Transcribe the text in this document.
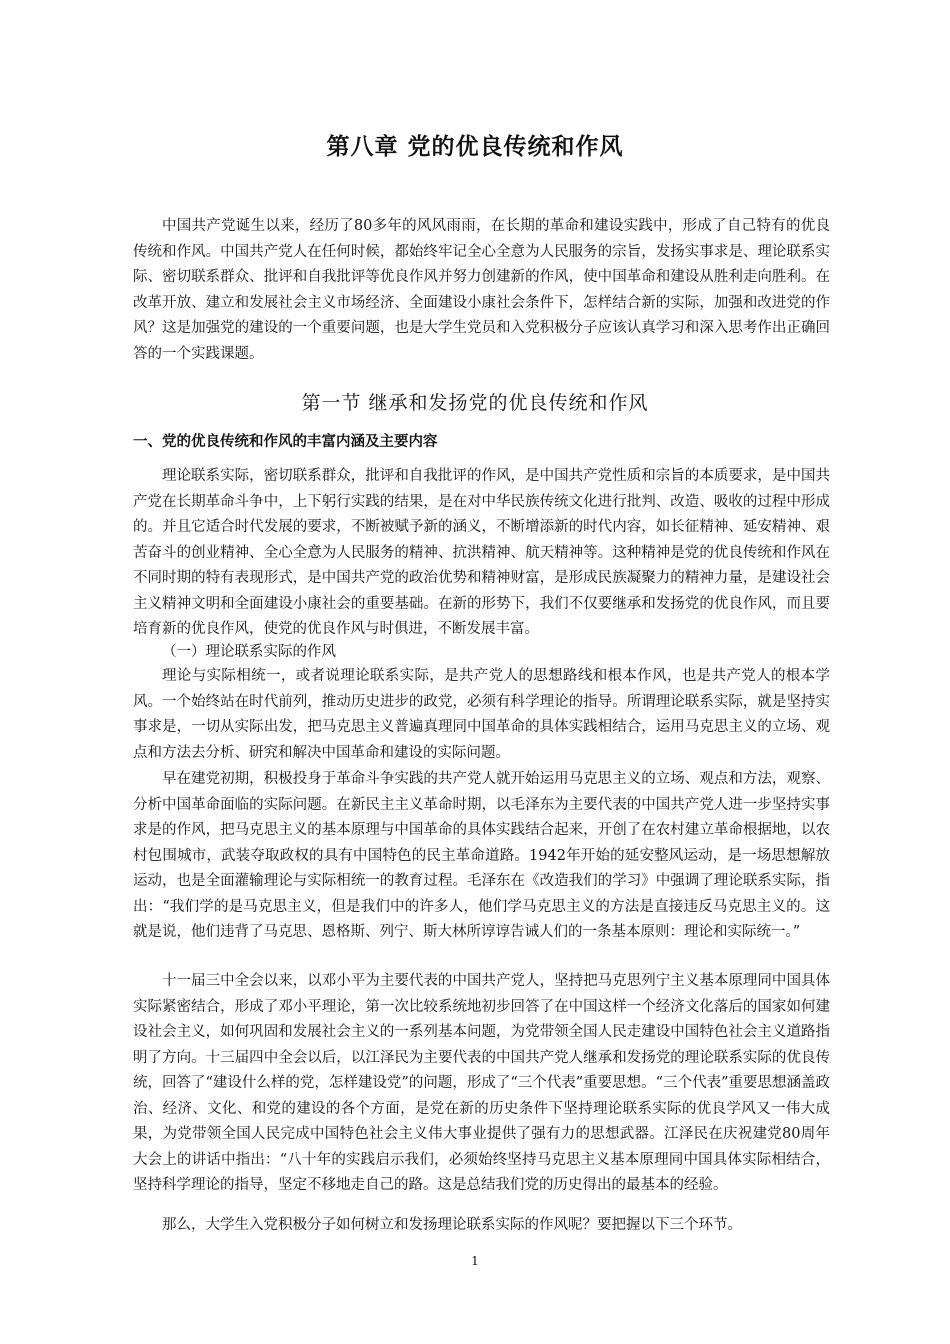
第八章 党的优良传统和作风

中国共产党诞生以来，经历了80多年的风风雨雨，在长期的革命和建设实践中，形成了自己特有的优良传统和作风。中国共产党人在任何时候，都始终牢记全心全意为人民服务的宗旨，发扬实事求是、理论联系实际、密切联系群众、批评和自我批评等优良作风并努力创建新的作风，使中国革命和建设从胜利走向胜利。在改革开放、建立和发展社会主义市场经济、全面建设小康社会条件下，怎样结合新的实际，加强和改进党的作风？这是加强党的建设的一个重要问题，也是大学生党员和入党积极分子应该认真学习和深入思考作出正确回答的一个实践课题。

第一节 继承和发扬党的优良传统和作风
一、党的优良传统和作风的丰富内涵及主要内容

理论联系实际，密切联系群众，批评和自我批评的作风，是中国共产党性质和宗旨的本质要求，是中国共产党在长期革命斗争中，上下躬行实践的结果，是在对中华民族传统文化进行批判、改造、吸收的过程中形成的。并且它适合时代发展的要求，不断被赋予新的涵义，不断增添新的时代内容，如长征精神、延安精神、艰苦奋斗的创业精神、全心全意为人民服务的精神、抗洪精神、航天精神等。这种精神是党的优良传统和作风在不同时期的特有表现形式，是中国共产党的政治优势和精神财富，是形成民族凝聚力的精神力量，是建设社会主义精神文明和全面建设小康社会的重要基础。在新的形势下，我们不仅要继承和发扬党的优良作风，而且要培育新的优良作风，使党的优良作风与时俱进，不断发展丰富。

（一）理论联系实际的作风

理论与实际相统一，或者说理论联系实际，是共产党人的思想路线和根本作风，也是共产党人的根本学风。一个始终站在时代前列，推动历史进步的政党，必须有科学理论的指导。所谓理论联系实际，就是坚持实事求是，一切从实际出发，把马克思主义普遍真理同中国革命的具体实践相结合，运用马克思主义的立场、观点和方法去分析、研究和解决中国革命和建设的实际问题。

早在建党初期，积极投身于革命斗争实践的共产党人就开始运用马克思主义的立场、观点和方法，观察、分析中国革命面临的实际问题。在新民主主义革命时期，以毛泽东为主要代表的中国共产党人进一步坚持实事求是的作风，把马克思主义的基本原理与中国革命的具体实践结合起来，开创了在农村建立革命根据地，以农村包围城市，武装夺取政权的具有中国特色的民主革命道路。1942年开始的延安整风运动，是一场思想解放运动，也是全面灌输理论与实际相统一的教育过程。毛泽东在《改造我们的学习》中强调了理论联系实际，指出：“我们学的是马克思主义，但是我们中的许多人，他们学马克思主义的方法是直接违反马克思主义的。这就是说，他们违背了马克思、恩格斯、列宁、斯大林所谆谆告诫人们的一条基本原则：理论和实际统一。”

十一届三中全会以来，以邓小平为主要代表的中国共产党人，坚持把马克思列宁主义基本原理同中国具体实际紧密结合，形成了邓小平理论，第一次比较系统地初步回答了在中国这样一个经济文化落后的国家如何建设社会主义，如何巩固和发展社会主义的一系列基本问题，为党带领全国人民走建设中国特色社会主义道路指明了方向。十三届四中全会以后，以江泽民为主要代表的中国共产党人继承和发扬党的理论联系实际的优良传统，回答了“建设什么样的党，怎样建设党”的问题，形成了“三个代表”重要思想。“三个代表”重要思想涵盖政治、经济、文化、和党的建设的各个方面，是党在新的历史条件下坚持理论联系实际的优良学风又一伟大成果，为党带领全国人民完成中国特色社会主义伟大事业提供了强有力的思想武器。江泽民在庆祝建党80周年大会上的讲话中指出：“八十年的实践启示我们，必须始终坚持马克思主义基本原理同中国具体实际相结合，坚持科学理论的指导，坚定不移地走自己的路。这是总结我们党的历史得出的最基本的经验。

那么，大学生入党积极分子如何树立和发扬理论联系实际的作风呢？要把握以下三个环节。

1
